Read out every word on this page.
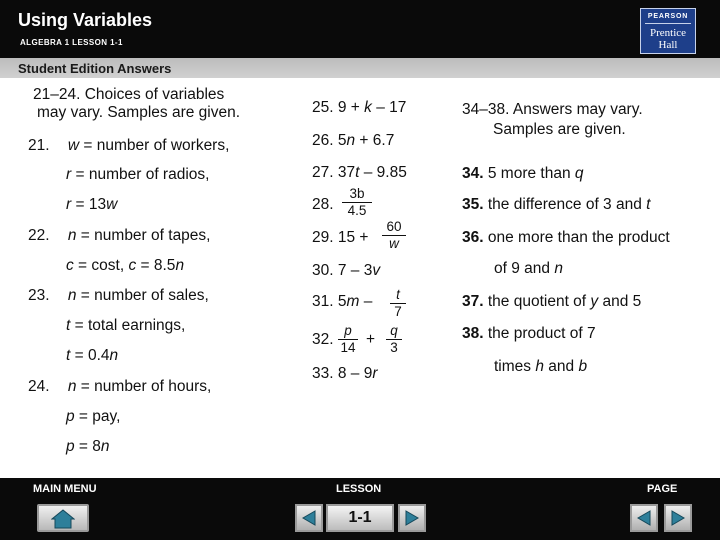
Using Variables
ALGEBRA 1 LESSON 1-1
PEARSON
Prentice
Hall
Student Edition Answers
21–24. Choices of variables
may vary. Samples are given.
21. w = number of workers,
r = number of radios,
r = 13w
22. n = number of tapes,
c = cost, c = 8.5n
23. n = number of sales,
t = total earnings,
t = 0.4n
24. n = number of hours,
p = pay,
p = 8n
25. 9 + k – 17
26. 5n + 6.7
27. 37t – 9.85
28.
3b
4.5
29. 15 +
60
w
30. 7 – 3v
31. 5m –	t
7
32.
p
14 +
q
3
33. 8 – 9r
34–38. Answers may vary.
Samples are given.
34. 5 more than q
35. the difference of 3 and t
36. one more than the product
of 9 and n
37. the quotient of y and 5
38. the product of 7
times h and b
MAIN MENU	LESSON	PAGE
1-1
